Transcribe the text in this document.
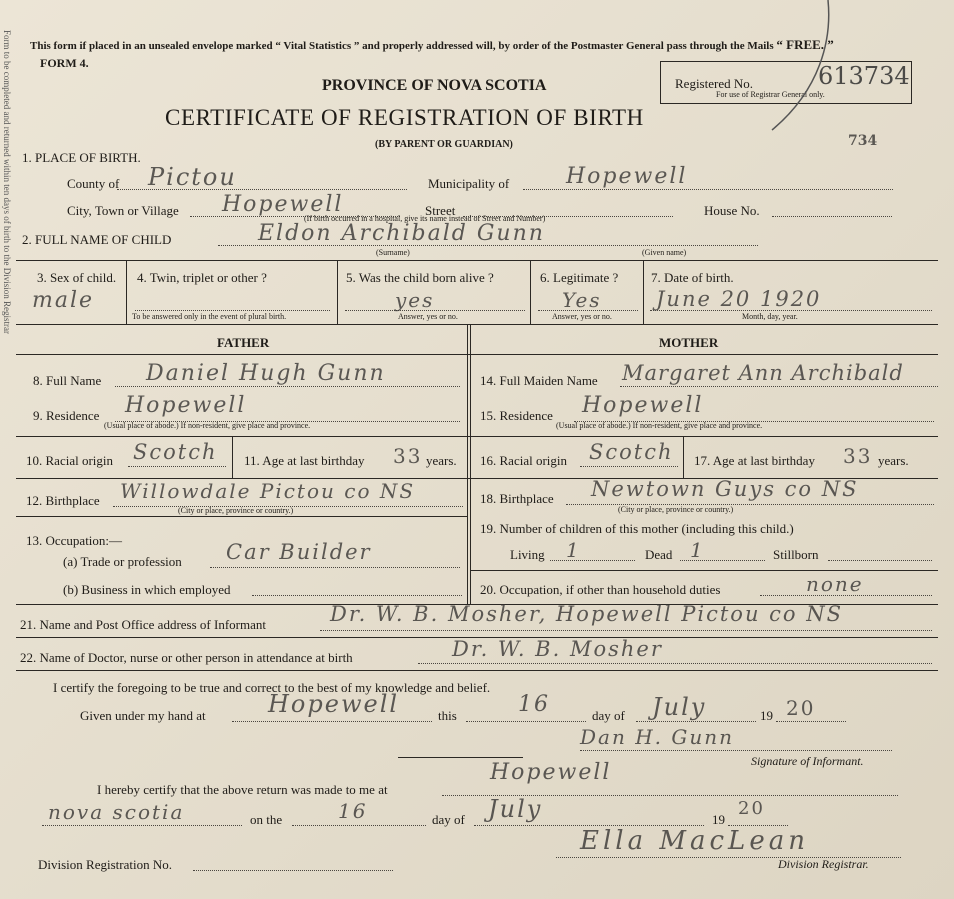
Form to be completed and returned within ten days of birth to the Division Registrar This form if placed in an unsealed envelope marked “ Vital Statistics ” and properly addressed will, by order of the Postmaster General pass through the Mails “ FREE. ”
FORM 4.
PROVINCE OF NOVA SCOTIA
CERTIFICATE OF REGISTRATION OF BIRTH
(BY PARENT OR GUARDIAN)
Registered No.
For use of Registrar General only.
613734
734
1. PLACE OF BIRTH.
County of Pictou	Municipality of	Hopewell
City, Town or Village Hopewell	Street	House No.
(If birth occurred in a hospital, give its name instead of Street and Number)
2. FULL NAME OF CHILD	Eldon Archibald Gunn
(Surname)	(Given name)
3. Sex of child.
male
4. Twin, triplet or other ?
To be answered only in the event of plural birth.
5. Was the child born alive ?
yes
Answer, yes or no.
6. Legitimate ?
Yes
Answer, yes or no.
7. Date of birth.
June 20 1920
Month, day, year.
FATHER	MOTHER
8. Full Name Daniel Hugh Gunn	14. Full Maiden Name Margaret Ann Archibald
9. Residence Hopewell
(Usual place of abode.) If non-resident, give place and province.
15. Residence Hopewell
(Usual place of abode.) If non-resident, give place and province.
10. Racial origin Scotch 11. Age at last birthday 33 years. 16. Racial origin Scotch 17. Age at last birthday 33 years.
12. Birthplace Willowdale Pictou co NS
(City or place, province or country.)
18. Birthplace Newtown Guys co NS
(City or place, province or country.)
13. Occupation:—
(a) Trade or profession Car Builder
19. Number of children of this mother (including this child.)
Living 1	Dead 1	Stillborn
(b) Business in which employed	20. Occupation, if other than household duties	none
21. Name and Post Office address of Informant	Dr. W. B. Mosher, Hopewell Pictou co NS
22. Name of Doctor, nurse or other person in attendance at birth	Dr. W. B. Mosher
I certify the foregoing to be true and correct to the best of my knowledge and belief.
Given under my hand at	Hopewell	this	16	day of July	19 20
Dan H. Gunn
Signature of Informant.
I hereby certify that the above return was made to me at
Hopewell
nova scotia	on the	16	day of July	19
20
Division Registration No.
Ella MacLean
Division Registrar.
